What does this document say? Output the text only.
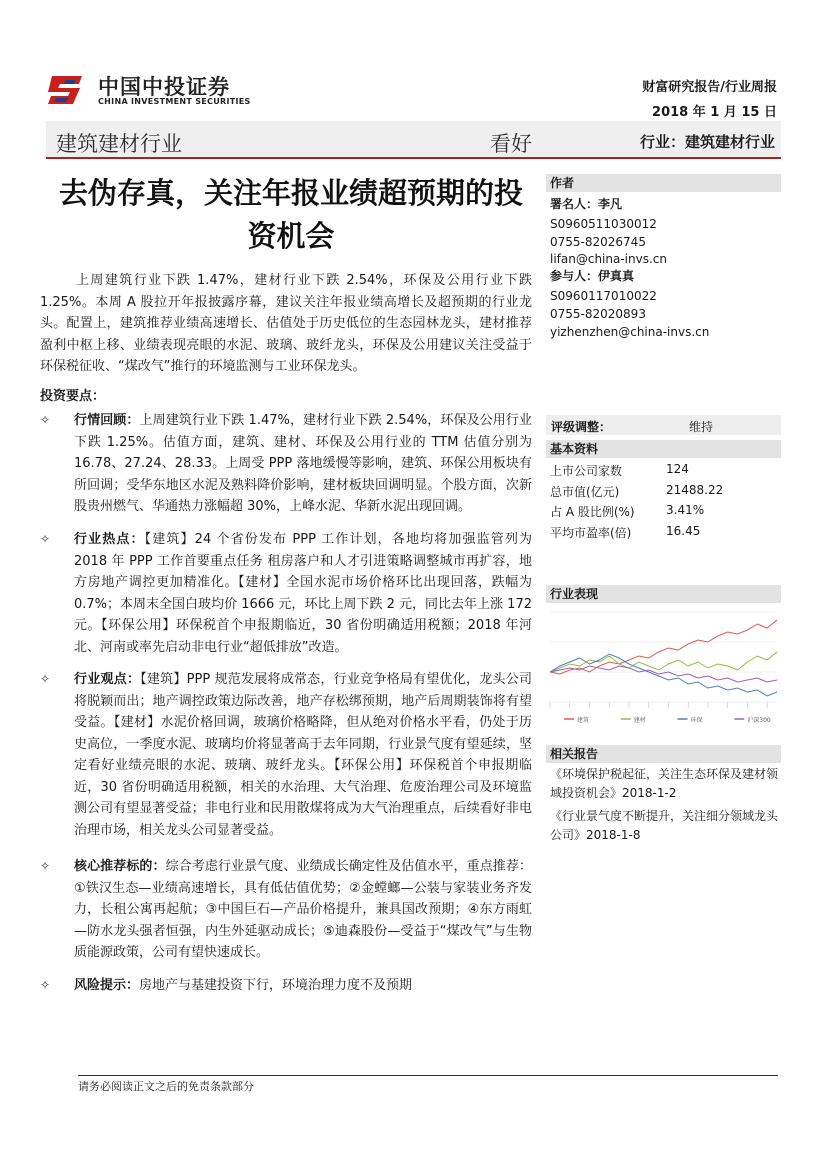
中国中投证券
CHINA INVESTMENT SECURITIES
财富研究报告/行业周报
2018 年 1 月 15 日
建筑建材行业	看好	行业：建筑建材行业
去伪存真，关注年报业绩超预期的投资机会
上周建筑行业下跌 1.47%，建材行业下跌 2.54%，环保及公用行业下跌 1.25%。本周 A 股拉开年报披露序幕，建议关注年报业绩高增长及超预期的行业龙头。配置上，建筑推荐业绩高速增长、估值处于历史低位的生态园林龙头，建材推荐盈利中枢上移、业绩表现亮眼的水泥、玻璃、玻纤龙头，环保及公用建议关注受益于环保税征收、“煤改气”推行的环境监测与工业环保龙头。
投资要点：
✧	行情回顾：上周建筑行业下跌 1.47%，建材行业下跌 2.54%，环保及公用行业下跌 1.25%。估值方面，建筑、建材、环保及公用行业的 TTM 估值分别为 16.78、27.24、28.33。上周受 PPP 落地缓慢等影响，建筑、环保公用板块有所回调；受华东地区水泥及熟料降价影响，建材板块回调明显。个股方面，次新股贵州燃气、华通热力涨幅超 30%，上峰水泥、华新水泥出现回调。
✧	行业热点：【建筑】24 个省份发布 PPP 工作计划，各地均将加强监管列为 2018 年 PPP 工作首要重点任务 租房落户和人才引进策略调整城市再扩容，地方房地产调控更加精准化。【建材】全国水泥市场价格环比出现回落，跌幅为 0.7%；本周末全国白玻均价 1666 元，环比上周下跌 2 元，同比去年上涨 172 元。【环保公用】环保税首个申报期临近，30 省份明确适用税额；2018 年河北、河南或率先启动非电行业“超低排放”改造。
✧	行业观点：【建筑】PPP 规范发展将成常态，行业竞争格局有望优化，龙头公司将脱颖而出；地产调控政策边际改善，地产存松绑预期，地产后周期装饰将有望受益。【建材】水泥价格回调，玻璃价格略降，但从绝对价格水平看，仍处于历史高位，一季度水泥、玻璃均价将显著高于去年同期，行业景气度有望延续，坚定看好业绩亮眼的水泥、玻璃、玻纤龙头。【环保公用】环保税首个申报期临近，30 省份明确适用税额，相关的水治理、大气治理、危废治理公司及环境监测公司有望显著受益；非电行业和民用散煤将成为大气治理重点，后续看好非电治理市场，相关龙头公司显著受益。
✧	核心推荐标的：综合考虑行业景气度、业绩成长确定性及估值水平，重点推荐：①铁汉生态—业绩高速增长，具有低估值优势；②金螳螂—公装与家装业务齐发力，长租公寓再起航；③中国巨石—产品价格提升，兼具国改预期；④东方雨虹—防水龙头强者恒强，内生外延驱动成长；⑤迪森股份—受益于“煤改气”与生物质能源政策，公司有望快速成长。
✧	风险提示：房地产与基建投资下行，环境治理力度不及预期
作者
署名人：李凡
S0960511030012
0755-82026745
lifan@china-invs.cn
参与人：伊真真
S0960117010022
0755-82020893
yizhenzhen@china-invs.cn
评级调整：	维持
基本资料
上市公司家数	124
总市值(亿元)	21488.22
占 A 股比例(%)	3.41%
平均市盈率(倍)	16.45
行业表现
建筑	建材	环保	沪深300
相关报告
《环境保护税起征，关注生态环保及建材领域投资机会》2018-1-2
《行业景气度不断提升，关注细分领域龙头公司》2018-1-8
请务必阅读正文之后的免责条款部分
